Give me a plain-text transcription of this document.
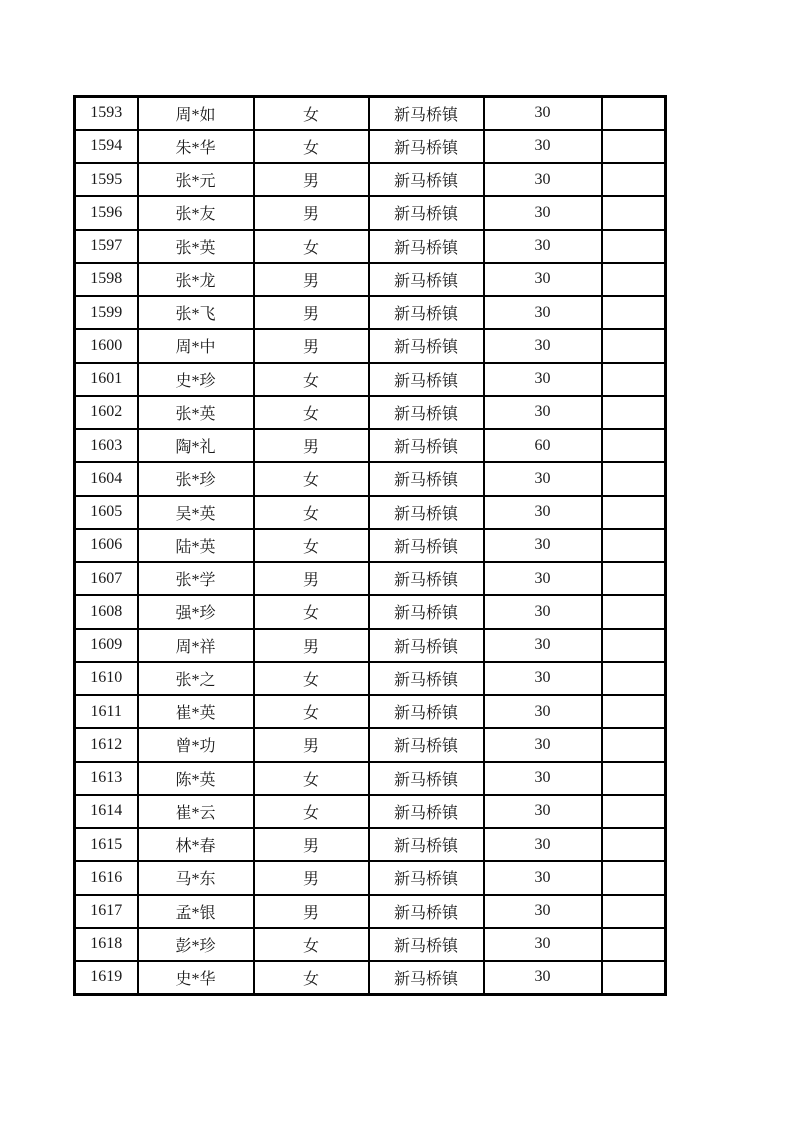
1593	周*如	女	新马桥镇	30	
1594	朱*华	女	新马桥镇	30	
1595	张*元	男	新马桥镇	30	
1596	张*友	男	新马桥镇	30	
1597	张*英	女	新马桥镇	30	
1598	张*龙	男	新马桥镇	30	
1599	张*飞	男	新马桥镇	30	
1600	周*中	男	新马桥镇	30	
1601	史*珍	女	新马桥镇	30	
1602	张*英	女	新马桥镇	30	
1603	陶*礼	男	新马桥镇	60	
1604	张*珍	女	新马桥镇	30	
1605	吴*英	女	新马桥镇	30	
1606	陆*英	女	新马桥镇	30	
1607	张*学	男	新马桥镇	30	
1608	强*珍	女	新马桥镇	30	
1609	周*祥	男	新马桥镇	30	
1610	张*之	女	新马桥镇	30	
1611	崔*英	女	新马桥镇	30	
1612	曾*功	男	新马桥镇	30	
1613	陈*英	女	新马桥镇	30	
1614	崔*云	女	新马桥镇	30	
1615	林*春	男	新马桥镇	30	
1616	马*东	男	新马桥镇	30	
1617	孟*银	男	新马桥镇	30	
1618	彭*珍	女	新马桥镇	30	
1619	史*华	女	新马桥镇	30	
